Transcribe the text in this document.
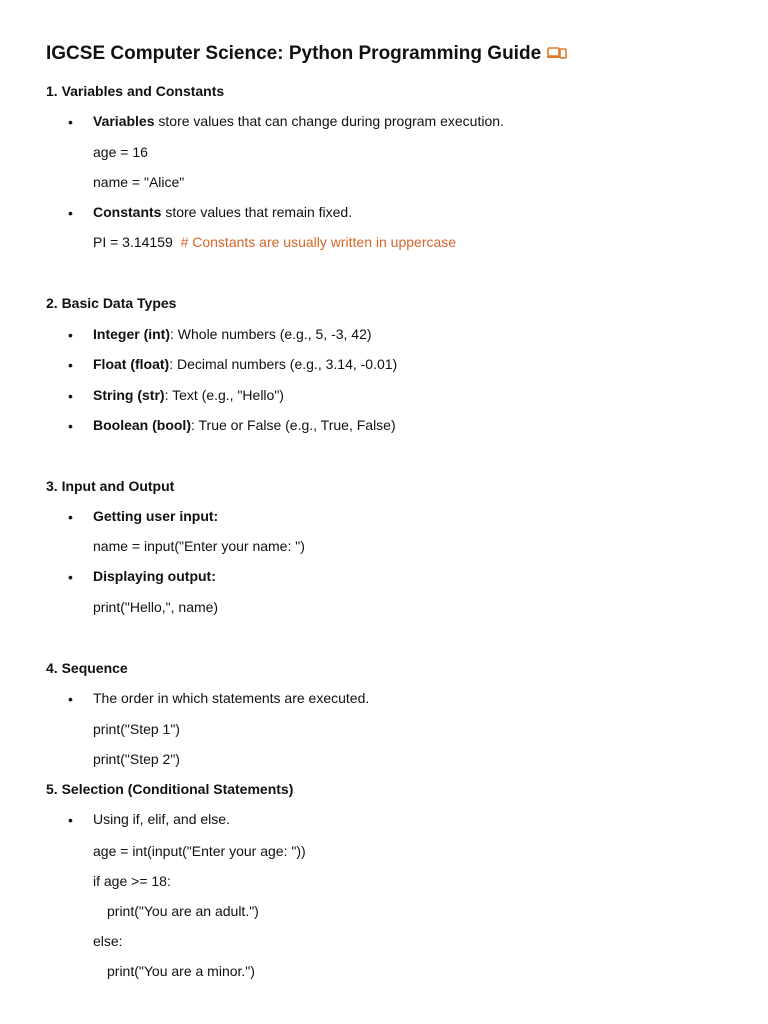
IGCSE Computer Science: Python Programming Guide
1. Variables and Constants
• Variables store values that can change during program execution.
age = 16
name = "Alice"
• Constants store values that remain fixed.
PI = 3.14159  # Constants are usually written in uppercase
2. Basic Data Types
• Integer (int): Whole numbers (e.g., 5, -3, 42)
• Float (float): Decimal numbers (e.g., 3.14, -0.01)
• String (str): Text (e.g., "Hello")
• Boolean (bool): True or False (e.g., True, False)
3. Input and Output
• Getting user input:
name = input("Enter your name: ")
• Displaying output:
print("Hello,", name)
4. Sequence
• The order in which statements are executed.
print("Step 1")
print("Step 2")
5. Selection (Conditional Statements)
• Using if, elif, and else.
age = int(input("Enter your age: "))
if age >= 18:
print("You are an adult.")
else:
print("You are a minor.")
